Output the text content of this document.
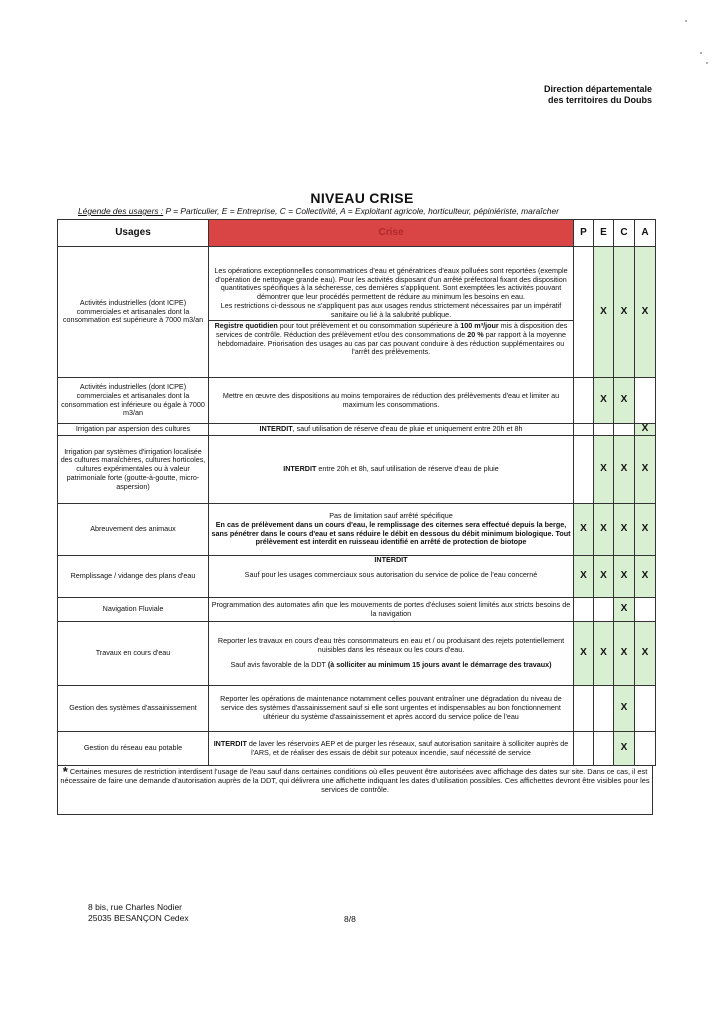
Direction départementale
des territoires du Doubs
NIVEAU CRISE
Légende des usagers : P = Particulier, E = Entreprise, C = Collectivité, A = Exploitant agricole, horticulteur, pépiniériste, maraîcher
Usages	Crise	P	E	C	A
Activités industrielles (dont ICPE) commerciales et artisanales dont la consommation est supérieure à 7000 m3/an	Les opérations exceptionnelles consommatrices d'eau et génératrices d'eaux polluées sont reportées (exemple d'opération de nettoyage grande eau). Pour les activités disposant d'un arrêté préfectoral fixant des disposition quantitatives spécifiques à la sécheresse, ces dernières s'appliquent. Sont exemptées les activités pouvant démontrer que leur procédés permettent de réduire au minimum les besoins en eau.
Les restrictions ci-dessous ne s'appliquent pas aux usages rendus strictement nécessaires par un impératif sanitaire ou lié à la salubrité publique.
Registre quotidien pour tout prélèvement et ou consommation supérieure à 100 m³/jour mis à disposition des services de contrôle. Réduction des prélèvement et/ou des consommations de 20 % par rapport à la moyenne hebdomadaire. Priorisation des usages au cas par cas pouvant conduire à des réduction supplémentaires ou l'arrêt des prélèvements.		X	X	X
Activités industrielles (dont ICPE) commerciales et artisanales dont la consommation est inférieure ou égale à 7000 m3/an	Mettre en œuvre des dispositions au moins temporaires de réduction des prélèvements d'eau et limiter au maximum les consommations.		X	X	
Irrigation par aspersion des cultures	INTERDIT, sauf utilisation de réserve d'eau de pluie et uniquement entre 20h et 8h				X
Irrigation par systèmes d'irrigation localisée des cultures maraîchères, cultures horticoles, cultures expérimentales ou à valeur patrimoniale forte (goutte-à-goutte, micro-aspersion)	INTERDIT entre 20h et 8h, sauf utilisation de réserve d'eau de pluie		X	X	X
Abreuvement des animaux	Pas de limitation sauf arrêté spécifique
En cas de prélèvement dans un cours d'eau, le remplissage des citernes sera effectué depuis la berge, sans pénétrer dans le cours d'eau et sans réduire le débit en dessous du débit minimum biologique. Tout prélèvement est interdit en ruisseau identifié en arrêté de protection de biotope	X	X	X	X
Remplissage / vidange des plans d'eau	INTERDIT
Sauf pour les usages commerciaux sous autorisation du service de police de l'eau concerné	X	X	X	X
Navigation Fluviale	Programmation des automates afin que les mouvements de portes d'écluses soient limités aux stricts besoins de la navigation			X	
Travaux en cours d'eau	Reporter les travaux en cours d'eau très consommateurs en eau et / ou produisant des rejets potentiellement nuisibles dans les réseaux ou les cours d'eau.
Sauf avis favorable de la DDT (à solliciter au minimum 15 jours avant le démarrage des travaux)	X	X	X	X
Gestion des systèmes d'assainissement	Reporter les opérations de maintenance notamment celles pouvant entraîner une dégradation du niveau de service des systèmes d'assainissement sauf si elle sont urgentes et indispensables au bon fonctionnement ultérieur du système d'assainissement et après accord du service police de l'eau			X	
Gestion du réseau eau potable	INTERDIT de laver les réservoirs AEP et de purger les réseaux, sauf autorisation sanitaire à solliciter auprès de l'ARS, et de réaliser des essais de débit sur poteaux incendie, sauf nécessité de service			X	
* Certaines mesures de restriction interdisent l'usage de l'eau sauf dans certaines conditions où elles peuvent être autorisées avec affichage des dates sur site. Dans ce cas, il est nécessaire de faire une demande d'autorisation auprès de la DDT, qui délivrera une affichette indiquant les dates d'utilisation possibles. Ces affichettes devront être visibles pour les services de contrôle.
8 bis, rue Charles Nodier
25035 BESANÇON Cedex	8/8
